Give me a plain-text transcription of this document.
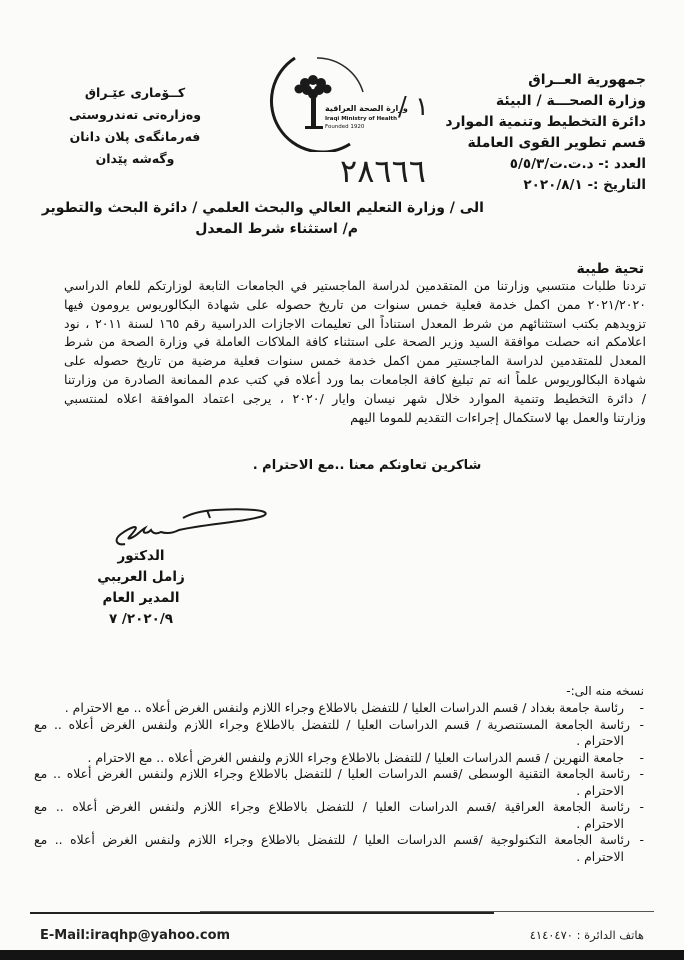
جمهورية العــراق
وزارة الصحـــة / البيئة
دائرة التخطيط وتنمية الموارد
قسم تطوير القوى العاملة
العدد :- د.ت.ت/٥/٥/٣
التاريخ :- ٢٠٢٠/٨/١
كــۆماری عێـراق
وەزارەتی تەندروستی
فەرمانگەی پلان دانان وگەشە پێدان
وزارة الصحة العراقية
Iraqi Ministry of Health
Founded 1920
/ ١
٢٨٦٦٦
الى / وزارة التعليم العالي والبحث العلمي / دائرة البحث والتطوير
م/ استثناء شرط المعدل
تحية طيبة
تردنا طلبات منتسبي وزارتنا من المتقدمين لدراسة الماجستير في الجامعات التابعة لوزارتكم للعام الدراسي
٢٠٢١/٢٠٢٠ ممن اكمل خدمة فعلية خمس سنوات من تاريخ حصوله على شهادة البكالوريوس يرومون فيها
تزويدهم بكتب استثنائهم من شرط المعدل استناداً الى تعليمات الاجازات الدراسية رقم ١٦٥ لسنة ٢٠١١ ، نود
اعلامكم انه حصلت موافقة السيد وزير الصحة على استثناء كافة الملاكات العاملة في وزارة الصحة من شرط
المعدل للمتقدمين لدراسة الماجستير ممن اكمل خدمة خمس سنوات فعلية مرضية من تاريخ حصوله على
شهادة البكالوريوس علماً انه تم تبليغ كافة الجامعات بما ورد أعلاه في كتب عدم الممانعة الصادرة من وزارتنا
/ دائرة التخطيط وتنمية الموارد خلال شهر نيسان وايار /٢٠٢٠ ، يرجى اعتماد الموافقة اعلاه لمنتسبي
وزارتنا والعمل بها لاستكمال إجراءات التقديم للموما اليهم
شاكرين تعاونكم معنا ..مع الاحترام .
الدكتور
زامل العريبي
المدير العام
٢٠٢٠/٩/ ٧
نسخه منه الى:-
-
رئاسة جامعة بغداد / قسم الدراسات العليا / للتفضل بالاطلاع وجراء اللازم ولنفس الغرض أعلاه .. مع الاحترام .
-
رئاسة الجامعة المستنصرية / قسم الدراسات العليا / للتفضل بالاطلاع وجراء اللازم ولنفس الغرض أعلاه .. مع
الاحترام .
-
جامعة النهرين / قسم الدراسات العليا / للتفضل بالاطلاع وجراء اللازم ولنفس الغرض أعلاه .. مع الاحترام .
-
رئاسة الجامعة التقنية الوسطى /قسم الدراسات العليا / للتفضل بالاطلاع وجراء اللازم ولنفس الغرض أعلاه .. مع
الاحترام .
-
رئاسة الجامعة العراقية /قسم الدراسات العليا / للتفضل بالاطلاع وجراء اللازم ولنفس الغرض أعلاه .. مع
الاحترام .
-
رئاسة الجامعة التكنولوجية /قسم الدراسات العليا / للتفضل بالاطلاع وجراء اللازم ولنفس الغرض أعلاه .. مع
الاحترام .
E-Mail:iraqhp@yahoo.com	هاتف الدائرة : ٤١٤٠٤٧٠
